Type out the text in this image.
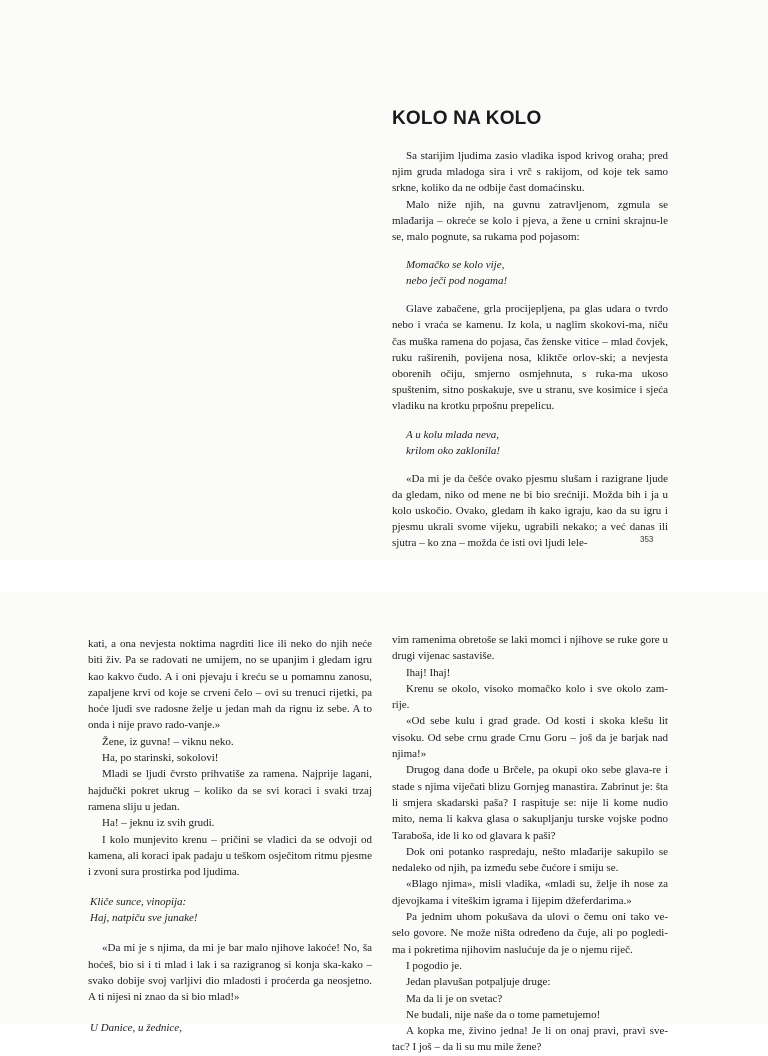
KOLO NA KOLO

Sa starijim ljudima zasio vladika ispod krivog oraha; pred njim gruda mladoga sira i vrč s rakijom, od koje tek samo srkne, koliko da ne odbije čast domaćinsku.

Malo niže njih, na guvnu zatravljenom, zgmula se mlađarija – okreće se kolo i pjeva, a žene u crnini skrajnu-le se, malo pognute, sa rukama pod pojasom:

Momačko se kolo vije,
nebo ječi pod nogama!

Glave zabačene, grla procijepljena, pa glas udara o tvrdo nebo i vraća se kamenu. Iz kola, u naglim skokovi-ma, niču čas muška ramena do pojasa, čas ženske vitice – mlad čovjek, ruku raširenih, povijena nosa, kliktče orlov-ski; a nevjesta oborenih očiju, smjerno osmjehnuta, s ruka-ma ukoso spuštenim, sitno poskakuje, sve u stranu, sve kosimice i sjeća vladiku na krotku prpošnu prepelicu.

A u kolu mlada neva,
krilom oko zaklonila!

«Da mi je da češće ovako pjesmu slušam i razigrane ljude da gledam, niko od mene ne bi bio srećniji. Možda bih i ja u kolo uskočio. Ovako, gledam ih kako igraju, kao da su igru i pjesmu ukrali svome vijeku, ugrabili nekako; a već danas ili sjutra – ko zna – možda će isti ovi ljudi lele-	353

kati, a ona nevjesta noktima nagrditi lice ili neko do njih neće biti živ. Pa se radovati ne umijem, no se upanjim i gledam igru kao kakvo čudo. A i oni pjevaju i kreću se u pomamnu zanosu, zapaljene krvi od koje se crveni čelo – ovi su trenuci rijetki, pa hoće ljudi sve radosne želje u jedan mah da rignu iz sebe. A to onda i nije pravo rado-vanje.»

Žene, iz guvna! – viknu neko.

Ha, po starinski, sokolovi!

Mladi se ljudi čvrsto prihvatiše za ramena. Najprije lagani, hajdučki pokret ukrug – koliko da se svi koraci i svaki trzaj ramena sliju u jedan.

Ha! – jeknu iz svih grudi.

I kolo munjevito krenu – pričini se vladici da se odvoji od kamena, ali koraci ipak padaju u teškom osječitom ritmu pjesme i zvoni sura prostirka pod ljudima.

Kliče sunce, vinopija:
Haj, natpiču sve junake!

«Da mi je s njima, da mi je bar malo njihove lakoće! No, ša hoćeš, bio si i ti mlad i lak i sa razigranog si konja ska-kako – svako dobije svoj varljivi dio mladosti i proćerda ga neosjetno. A ti nijesi ni znao da si bio mlad!»

U Danice, u žednice,

vim ramenima obretoše se laki momci i njihove se ruke gore u drugi vijenac sastaviše.

Ihaj! Ihaj!

Krenu se okolo, visoko momačko kolo i sve okolo zam-rije.

«Od sebe kulu i grad grade. Od kosti i skoka klešu lit visoku. Od sebe crnu grade Crnu Goru – još da je barjak nad njima!»

Drugog dana dođe u Brčele, pa okupi oko sebe glava-re i stade s njima viječati blizu Gornjeg manastira. Zabrinut je: šta li smjera skadarski paša? I raspituje se: nije li kome nudio mito, nema li kakva glasa o sakupljanju turske vojske podno Taraboša, ide li ko od glavara k paši?

Dok oni potanko raspredaju, nešto mlađarije sakupilo se nedaleko od njih, pa između sebe čućore i smiju se.

«Blago njima», misli vladika, «mladi su, želje ih nose za djevojkama i viteškim igrama i lijepim džeferdarima.»

Pa jednim uhom pokušava da ulovi o čemu oni tako ve-selo govore. Ne može ništa određeno da čuje, ali po pogledi-ma i pokretima njihovim naslućuje da je o njemu riječ.

I pogodio je.

Jedan plavušan potpaljuje druge:

Ma da li je on svetac?

Ne budali, nije naše da o tome pametujemo!

A kopka me, živino jedna! Je li on onaj pravi, pravi sve-tac? I još – da li su mu mile žene?
